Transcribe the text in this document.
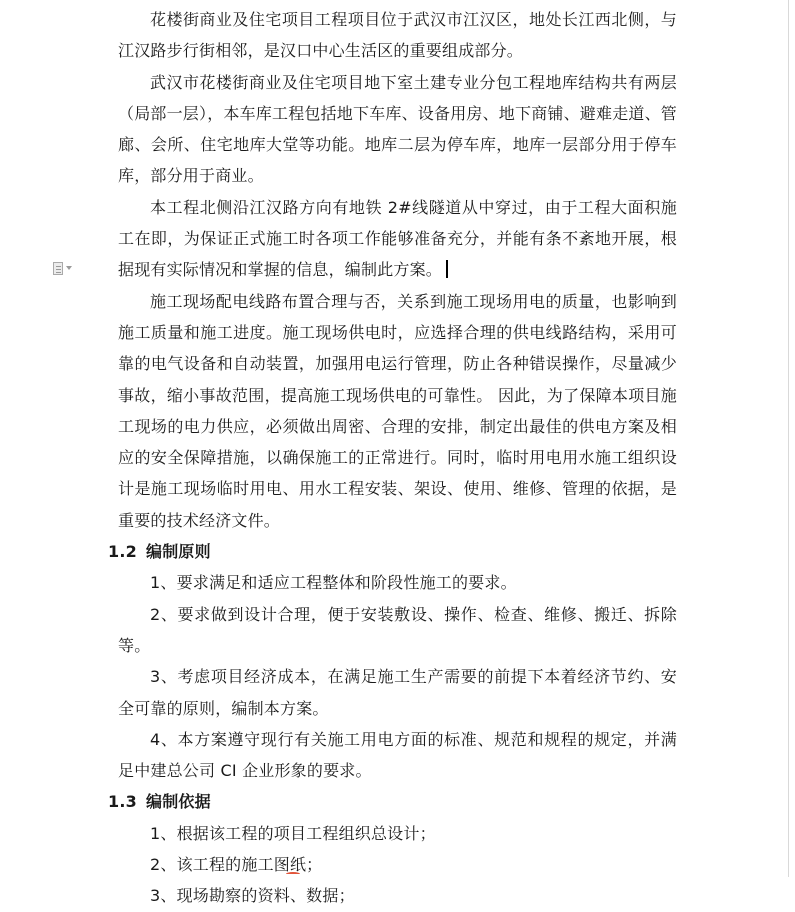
花楼街商业及住宅项目工程项目位于武汉市江汉区，地处长江西北侧，与江汉路步行街相邻，是汉口中心生活区的重要组成部分。

武汉市花楼街商业及住宅项目地下室土建专业分包工程地库结构共有两层（局部一层），本车库工程包括地下车库、设备用房、地下商铺、避难走道、管廊、会所、住宅地库大堂等功能。地库二层为停车库，地库一层部分用于停车库，部分用于商业。

本工程北侧沿江汉路方向有地铁 2#线隧道从中穿过，由于工程大面积施工在即，为保证正式施工时各项工作能够准备充分，并能有条不紊地开展，根据现有实际情况和掌握的信息，编制此方案。

施工现场配电线路布置合理与否，关系到施工现场用电的质量，也影响到施工质量和施工进度。施工现场供电时，应选择合理的供电线路结构，采用可靠的电气设备和自动装置，加强用电运行管理，防止各种错误操作，尽量减少事故，缩小事故范围，提高施工现场供电的可靠性。 因此，为了保障本项目施工现场的电力供应，必须做出周密、合理的安排，制定出最佳的供电方案及相应的安全保障措施，以确保施工的正常进行。同时，临时用电用水施工组织设计是施工现场临时用电、用水工程安装、架设、使用、维修、管理的依据，是重要的技术经济文件。

1.2 编制原则

1、要求满足和适应工程整体和阶段性施工的要求。

2、要求做到设计合理，便于安装敷设、操作、检查、维修、搬迁、拆除等。

3、考虑项目经济成本，在满足施工生产需要的前提下本着经济节约、安全可靠的原则，编制本方案。

4、本方案遵守现行有关施工用电方面的标准、规范和规程的规定，并满足中建总公司 CI 企业形象的要求。

1.3 编制依据

1、根据该工程的项目工程组织总设计；

2、该工程的施工图纸；

3、现场勘察的资料、数据；
